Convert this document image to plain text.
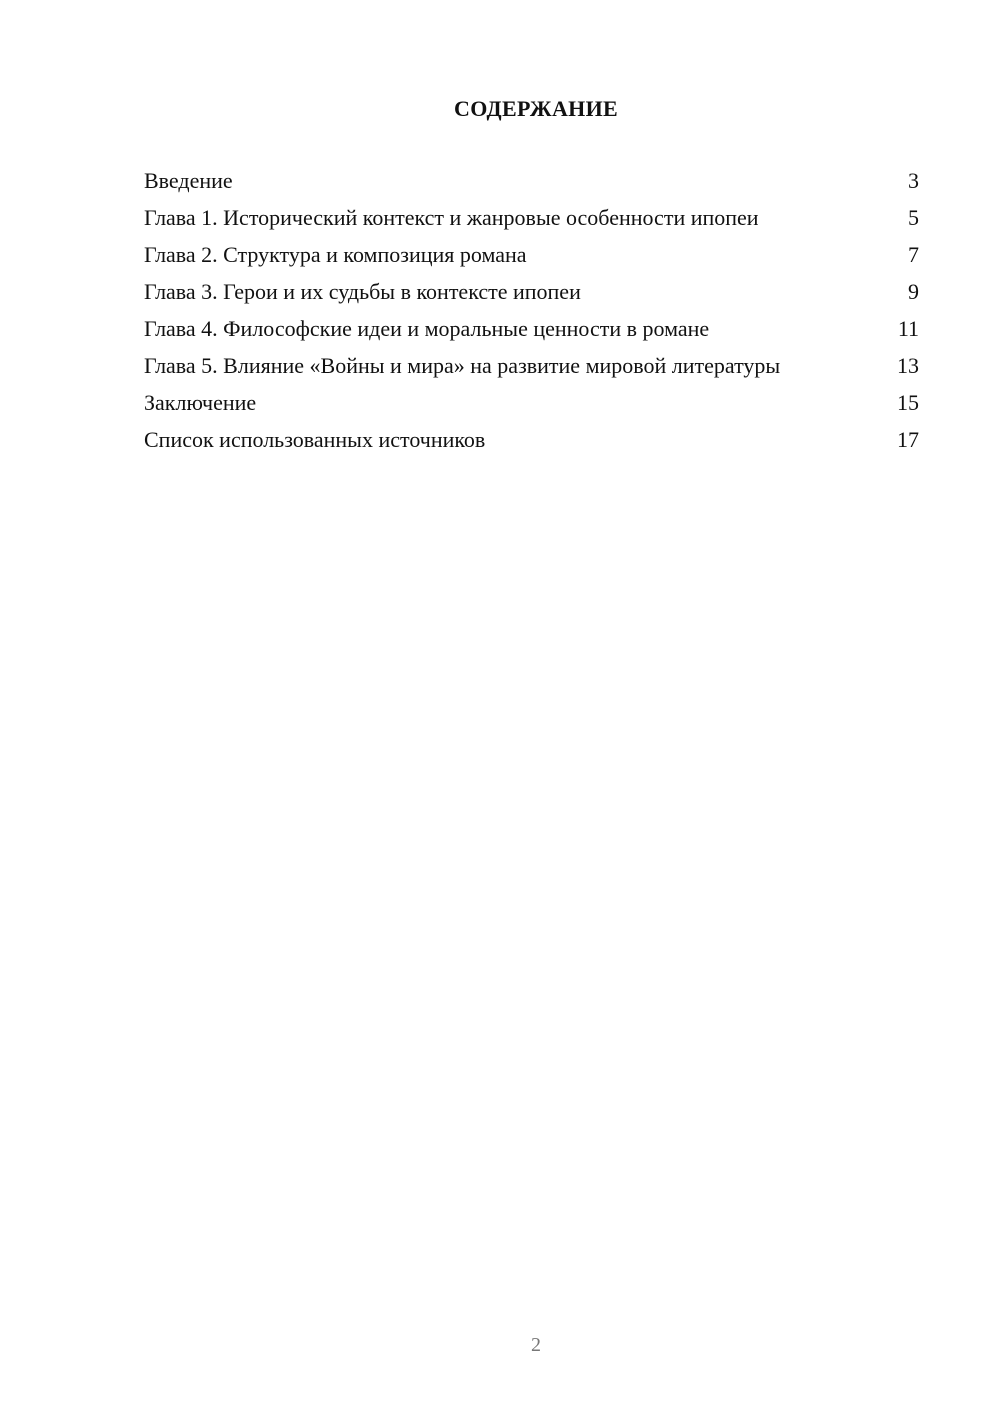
СОДЕРЖАНИЕ
Введение	3
Глава 1. Исторический контекст и жанровые особенности ипопеи	5
Глава 2. Структура и композиция романа	7
Глава 3. Герои и их судьбы в контексте ипопеи	9
Глава 4. Философские идеи и моральные ценности в романе	11
Глава 5. Влияние «Войны и мира» на развитие мировой литературы	13
Заключение	15
Список использованных источников	17
2
